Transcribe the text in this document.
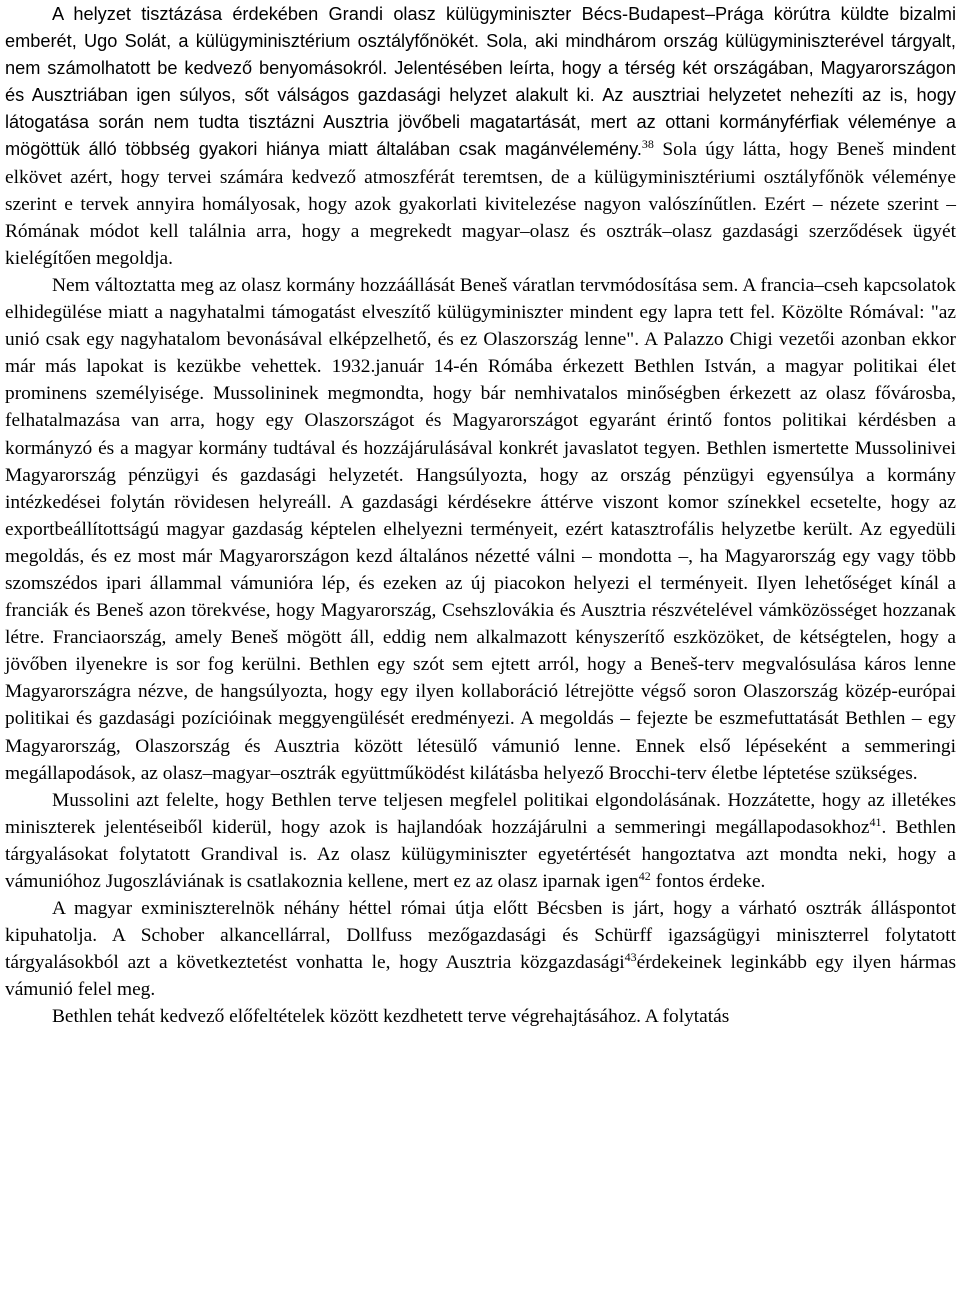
A helyzet tisztázása érdekében Grandi olasz külügyminiszter Bécs-Budapest–Prága körútra küldte bizalmi emberét, Ugo Solát, a külügyminisztérium osztályfőnökét. Sola, aki mindhárom ország külügyminiszterével tárgyalt, nem számolhatott be kedvező benyomásokról. Jelentésében leírta, hogy a térség két országában, Magyarországon és Ausztriában igen súlyos, sőt válságos gazdasági helyzet alakult ki. Az ausztriai helyzetet nehezíti az is, hogy látogatása során nem tudta tisztázni Ausztria jövőbeli magatartását, mert az ottani kormányférfiak véleménye a mögöttük álló többség gyakori hiánya miatt általában csak magánvélemény.$^{38}$ Sola úgy látta, hogy Beneš mindent elkövet azért, hogy tervei számára kedvező atmoszférát teremtsen, de a külügyminisztériumi osztályfőnök véleménye szerint e tervek annyira homályosak, hogy azok gyakorlati kivitelezése nagyon valószínűtlen. Ezért – nézete szerint – Rómának módot kell találnia arra, hogy a megrekedt magyar–olasz és osztrák–olasz gazdasági szerződések ügyét kielégítően megoldja.

Nem változtatta meg az olasz kormány hozzáállását Beneš váratlan tervmódosítása sem. A francia–cseh kapcsolatok elhidegülése miatt a nagyhatalmi támogatást elveszítő külügyminiszter mindent egy lapra tett fel. Közölte Rómával: "az unió csak egy nagyhatalom bevonásával elképzelhető, és ez Olaszország lenne". A Palazzo Chigi vezetői azonban ekkor már más lapokat is kezükbe vehettek. 1932.január 14-én Rómába érkezett Bethlen István, a magyar politikai élet prominens személyisége. Mussolininek megmondta, hogy bár nemhivatalos minőségben érkezett az olasz fővárosba, felhatalmazása van arra, hogy egy Olaszországot és Magyarországot egyaránt érintő fontos politikai kérdésben a kormányzó és a magyar kormány tudtával és hozzájárulásával konkrét javaslatot tegyen. Bethlen ismertette Mussolinivei Magyarország pénzügyi és gazdasági helyzetét. Hangsúlyozta, hogy az ország pénzügyi egyensúlya a kormány intézkedései folytán rövidesen helyreáll. A gazdasági kérdésekre áttérve viszont komor színekkel ecsetelte, hogy az exportbeállítottságú magyar gazdaság képtelen elhelyezni terményeit, ezért katasztrofális helyzetbe került. Az egyedüli megoldás, és ez most már Magyarországon kezd általános nézetté válni – mondotta –, ha Magyarország egy vagy több szomszédos ipari állammal vámunióra lép, és ezeken az új piacokon helyezi el terményeit. Ilyen lehetőséget kínál a franciák és Beneš azon törekvése, hogy Magyarország, Csehszlovákia és Ausztria részvételével vámközösséget hozzanak létre. Franciaország, amely Beneš mögött áll, eddig nem alkalmazott kényszerítő eszközöket, de kétségtelen, hogy a jövőben ilyenekre is sor fog kerülni. Bethlen egy szót sem ejtett arról, hogy a Beneš-terv megvalósulása káros lenne Magyarországra nézve, de hangsúlyozta, hogy egy ilyen kollaboráció létrejötte végső soron Olaszország közép-európai politikai és gazdasági pozícióinak meggyengülését eredményezi. A megoldás – fejezte be eszmefuttatását Bethlen – egy Magyarország, Olaszország és Ausztria között létesülő vámunió lenne. Ennek első lépéseként a semmeringi megállapodások, az olasz–magyar–osztrák együttműködést kilátásba helyező Brocchi-terv életbe léptetése szükséges.

Mussolini azt felelte, hogy Bethlen terve teljesen megfelel politikai elgondolásának. Hozzátette, hogy az illetékes miniszterek jelentéseiből kiderül, hogy azok is hajlandóak hozzájárulni a semmeringi megállapodasokhoz$^{41}$. Bethlen tárgyalásokat folytatott Grandival is. Az olasz külügyminiszter egyetértését hangoztatva azt mondta neki, hogy a vámunióhoz Jugoszláviának is csatlakoznia kellene, mert ez az olasz iparnak igen$^{42}$ fontos érdeke.

A magyar exminiszterelnök néhány héttel római útja előtt Bécsben is járt, hogy a várható osztrák álláspontot kipuhatolja. A Schober alkancellárral, Dollfuss mezőgazdasági és Schürff igazságügyi miniszterrel folytatott tárgyalásokból azt a következtetést vonhatta le, hogy Ausztria közgazdasági$^{43}$érdekeinek leginkább egy ilyen hármas vámunió felel meg.

Bethlen tehát kedvező előfeltételek között kezdhetett terve végrehajtásához. A folytatás
